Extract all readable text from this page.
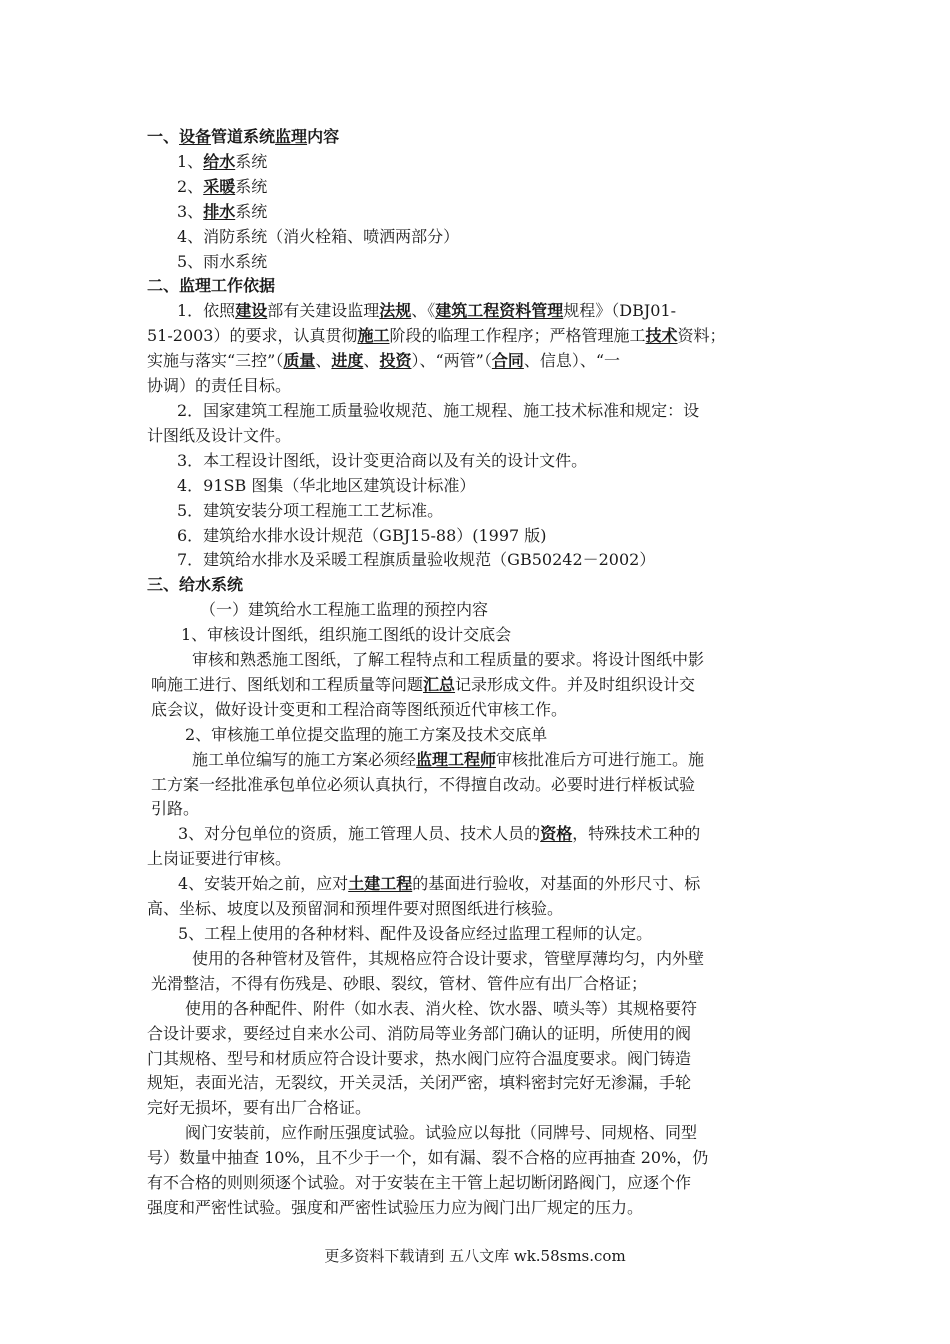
一、设备管道系统监理内容
1、给水系统
2、采暖系统
3、排水系统
4、消防系统（消火栓箱、喷洒两部分）
5、雨水系统
二、监理工作依据
1．依照建设部有关建设监理法规、《建筑工程资料管理规程》（DBJ01-
51-2003）的要求，认真贯彻施工阶段的临理工作程序；严格管理施工技术资料；
实施与落实“三控”（质量、进度、投资）、“两管”（合同、信息）、“一
协调）的责任目标。
2．国家建筑工程施工质量验收规范、施工规程、施工技术标准和规定：设
计图纸及设计文件。
3．本工程设计图纸，设计变更洽商以及有关的设计文件。
4．91SB 图集（华北地区建筑设计标准）
5．建筑安装分项工程施工工艺标准。
6．建筑给水排水设计规范（GBJ15-88）(1997 版)
7．建筑给水排水及采暖工程旗质量验收规范（GB50242－2002）
三、给水系统
（一）建筑给水工程施工监理的预控内容
1、审核设计图纸，组织施工图纸的设计交底会
审核和熟悉施工图纸，了解工程特点和工程质量的要求。将设计图纸中影
响施工进行、图纸划和工程质量等问题汇总记录形成文件。并及时组织设计交
底会议，做好设计变更和工程洽商等图纸预近代审核工作。
2、审核施工单位提交监理的施工方案及技术交底单
施工单位编写的施工方案必须经监理工程师审核批准后方可进行施工。施
工方案一经批准承包单位必须认真执行，不得擅自改动。必要时进行样板试验
引路。
3、对分包单位的资质，施工管理人员、技术人员的资格，特殊技术工种的
上岗证要进行审核。
4、安装开始之前，应对土建工程的基面进行验收，对基面的外形尺寸、标
高、坐标、坡度以及预留洞和预埋件要对照图纸进行核验。
5、工程上使用的各种材料、配件及设备应经过监理工程师的认定。
使用的各种管材及管件，其规格应符合设计要求，管壁厚薄均匀，内外壁
光滑整洁，不得有伤残是、砂眼、裂纹，管材、管件应有出厂合格证；
使用的各种配件、附件（如水表、消火栓、饮水器、喷头等）其规格要符
合设计要求，要经过自来水公司、消防局等业务部门确认的证明，所使用的阀
门其规格、型号和材质应符合设计要求，热水阀门应符合温度要求。阀门铸造
规矩，表面光洁，无裂纹，开关灵活，关闭严密，填料密封完好无渗漏，手轮
完好无损坏，要有出厂合格证。
阀门安装前，应作耐压强度试验。试验应以每批（同牌号、同规格、同型
号）数量中抽查 10%，且不少于一个，如有漏、裂不合格的应再抽查 20%，仍
有不合格的则则须逐个试验。对于安装在主干管上起切断闭路阀门，应逐个作
强度和严密性试验。强度和严密性试验压力应为阀门出厂规定的压力。
更多资料下载请到 五八文库 wk.58sms.com
